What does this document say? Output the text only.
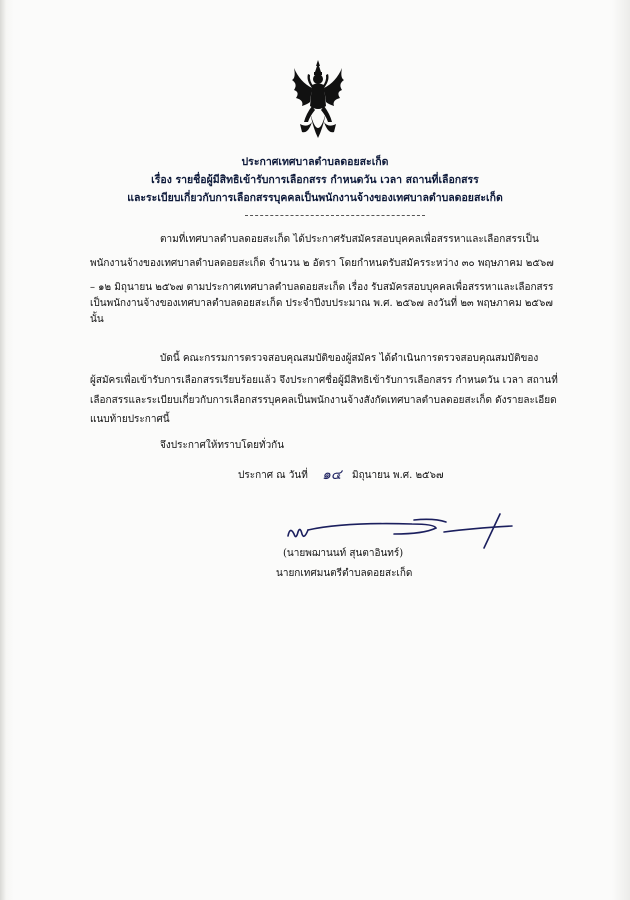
ประกาศเทศบาลตำบลดอยสะเก็ด
เรื่อง รายชื่อผู้มีสิทธิเข้ารับการเลือกสรร กำหนดวัน เวลา สถานที่เลือกสรร
และระเบียบเกี่ยวกับการเลือกสรรบุคคลเป็นพนักงานจ้างของเทศบาลตำบลดอยสะเก็ด
ตามที่เทศบาลตำบลดอยสะเก็ด ได้ประกาศรับสมัครสอบบุคคลเพื่อสรรหาและเลือกสรรเป็น
พนักงานจ้างของเทศบาลตำบลดอยสะเก็ด จำนวน ๒ อัตรา โดยกำหนดรับสมัครระหว่าง ๓๐ พฤษภาคม ๒๕๖๗
– ๑๒ มิถุนายน ๒๕๖๗ ตามประกาศเทศบาลตำบลดอยสะเก็ด เรื่อง รับสมัครสอบบุคคลเพื่อสรรหาและเลือกสรร
เป็นพนักงานจ้างของเทศบาลตำบลดอยสะเก็ด ประจำปีงบประมาณ พ.ศ. ๒๕๖๗ ลงวันที่ ๒๓ พฤษภาคม ๒๕๖๗
นั้น
บัดนี้ คณะกรรมการตรวจสอบคุณสมบัติของผู้สมัคร ได้ดำเนินการตรวจสอบคุณสมบัติของ
ผู้สมัครเพื่อเข้ารับการเลือกสรรเรียบร้อยแล้ว จึงประกาศชื่อผู้มีสิทธิเข้ารับการเลือกสรร กำหนดวัน เวลา สถานที่
เลือกสรรและระเบียบเกี่ยวกับการเลือกสรรบุคคลเป็นพนักงานจ้างสังกัดเทศบาลตำบลดอยสะเก็ด ดังรายละเอียด
แนบท้ายประกาศนี้
จึงประกาศให้ทราบโดยทั่วกัน
ประกาศ ณ วันที่ ๑๔ มิถุนายน พ.ศ. ๒๕๖๗
(นายพฌานนท์ สุนตาอินทร์)
นายกเทศมนตรีตำบลดอยสะเก็ด
